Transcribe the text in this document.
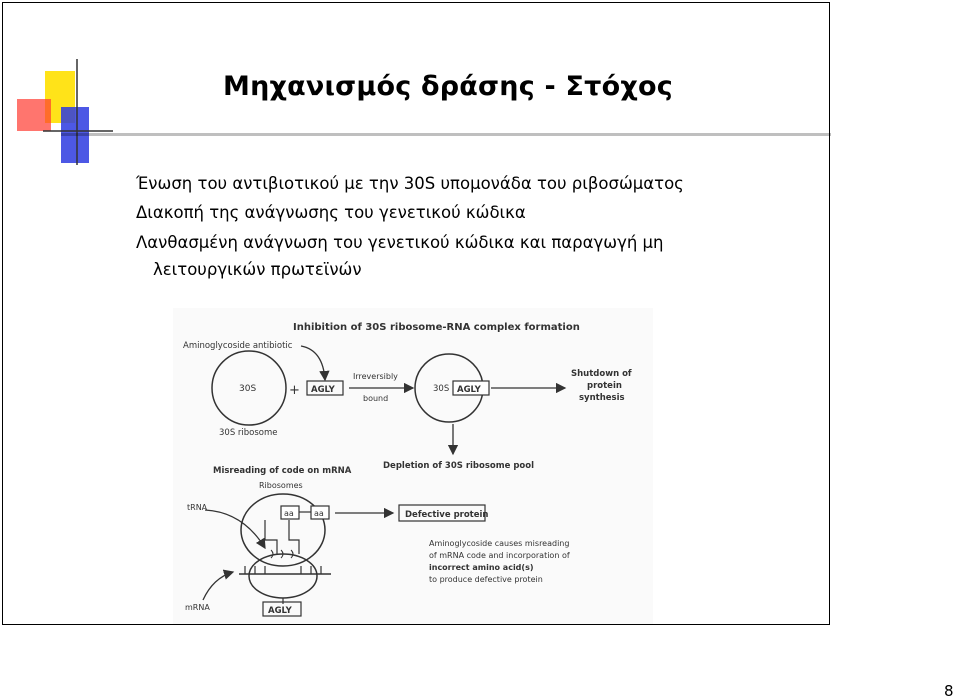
Μηχανισμός δράσης - Στόχος
Ένωση του αντιβιοτικού με την 30S υπομονάδα του ριβοσώματος
Διακοπή της ανάγνωσης του γενετικού κώδικα
Λανθασμένη ανάγνωση του γενετικού κώδικα και παραγωγή μη
λειτουργικών πρωτεϊνών
Inhibition of 30S ribosome-RNA complex formation
Aminoglycoside antibiotic
30S
30S ribosome
+ AGLY
Irreversibly
bound
30S AGLY
Shutdown of
protein
synthesis
Depletion of 30S ribosome pool
Misreading of code on mRNA
Ribosomes
tRNA
aa	aa	Defective protein
mRNA	AGLY
Aminoglycoside causes misreading
of mRNA code and incorporation of
incorrect amino acid(s)
to produce defective protein
8
